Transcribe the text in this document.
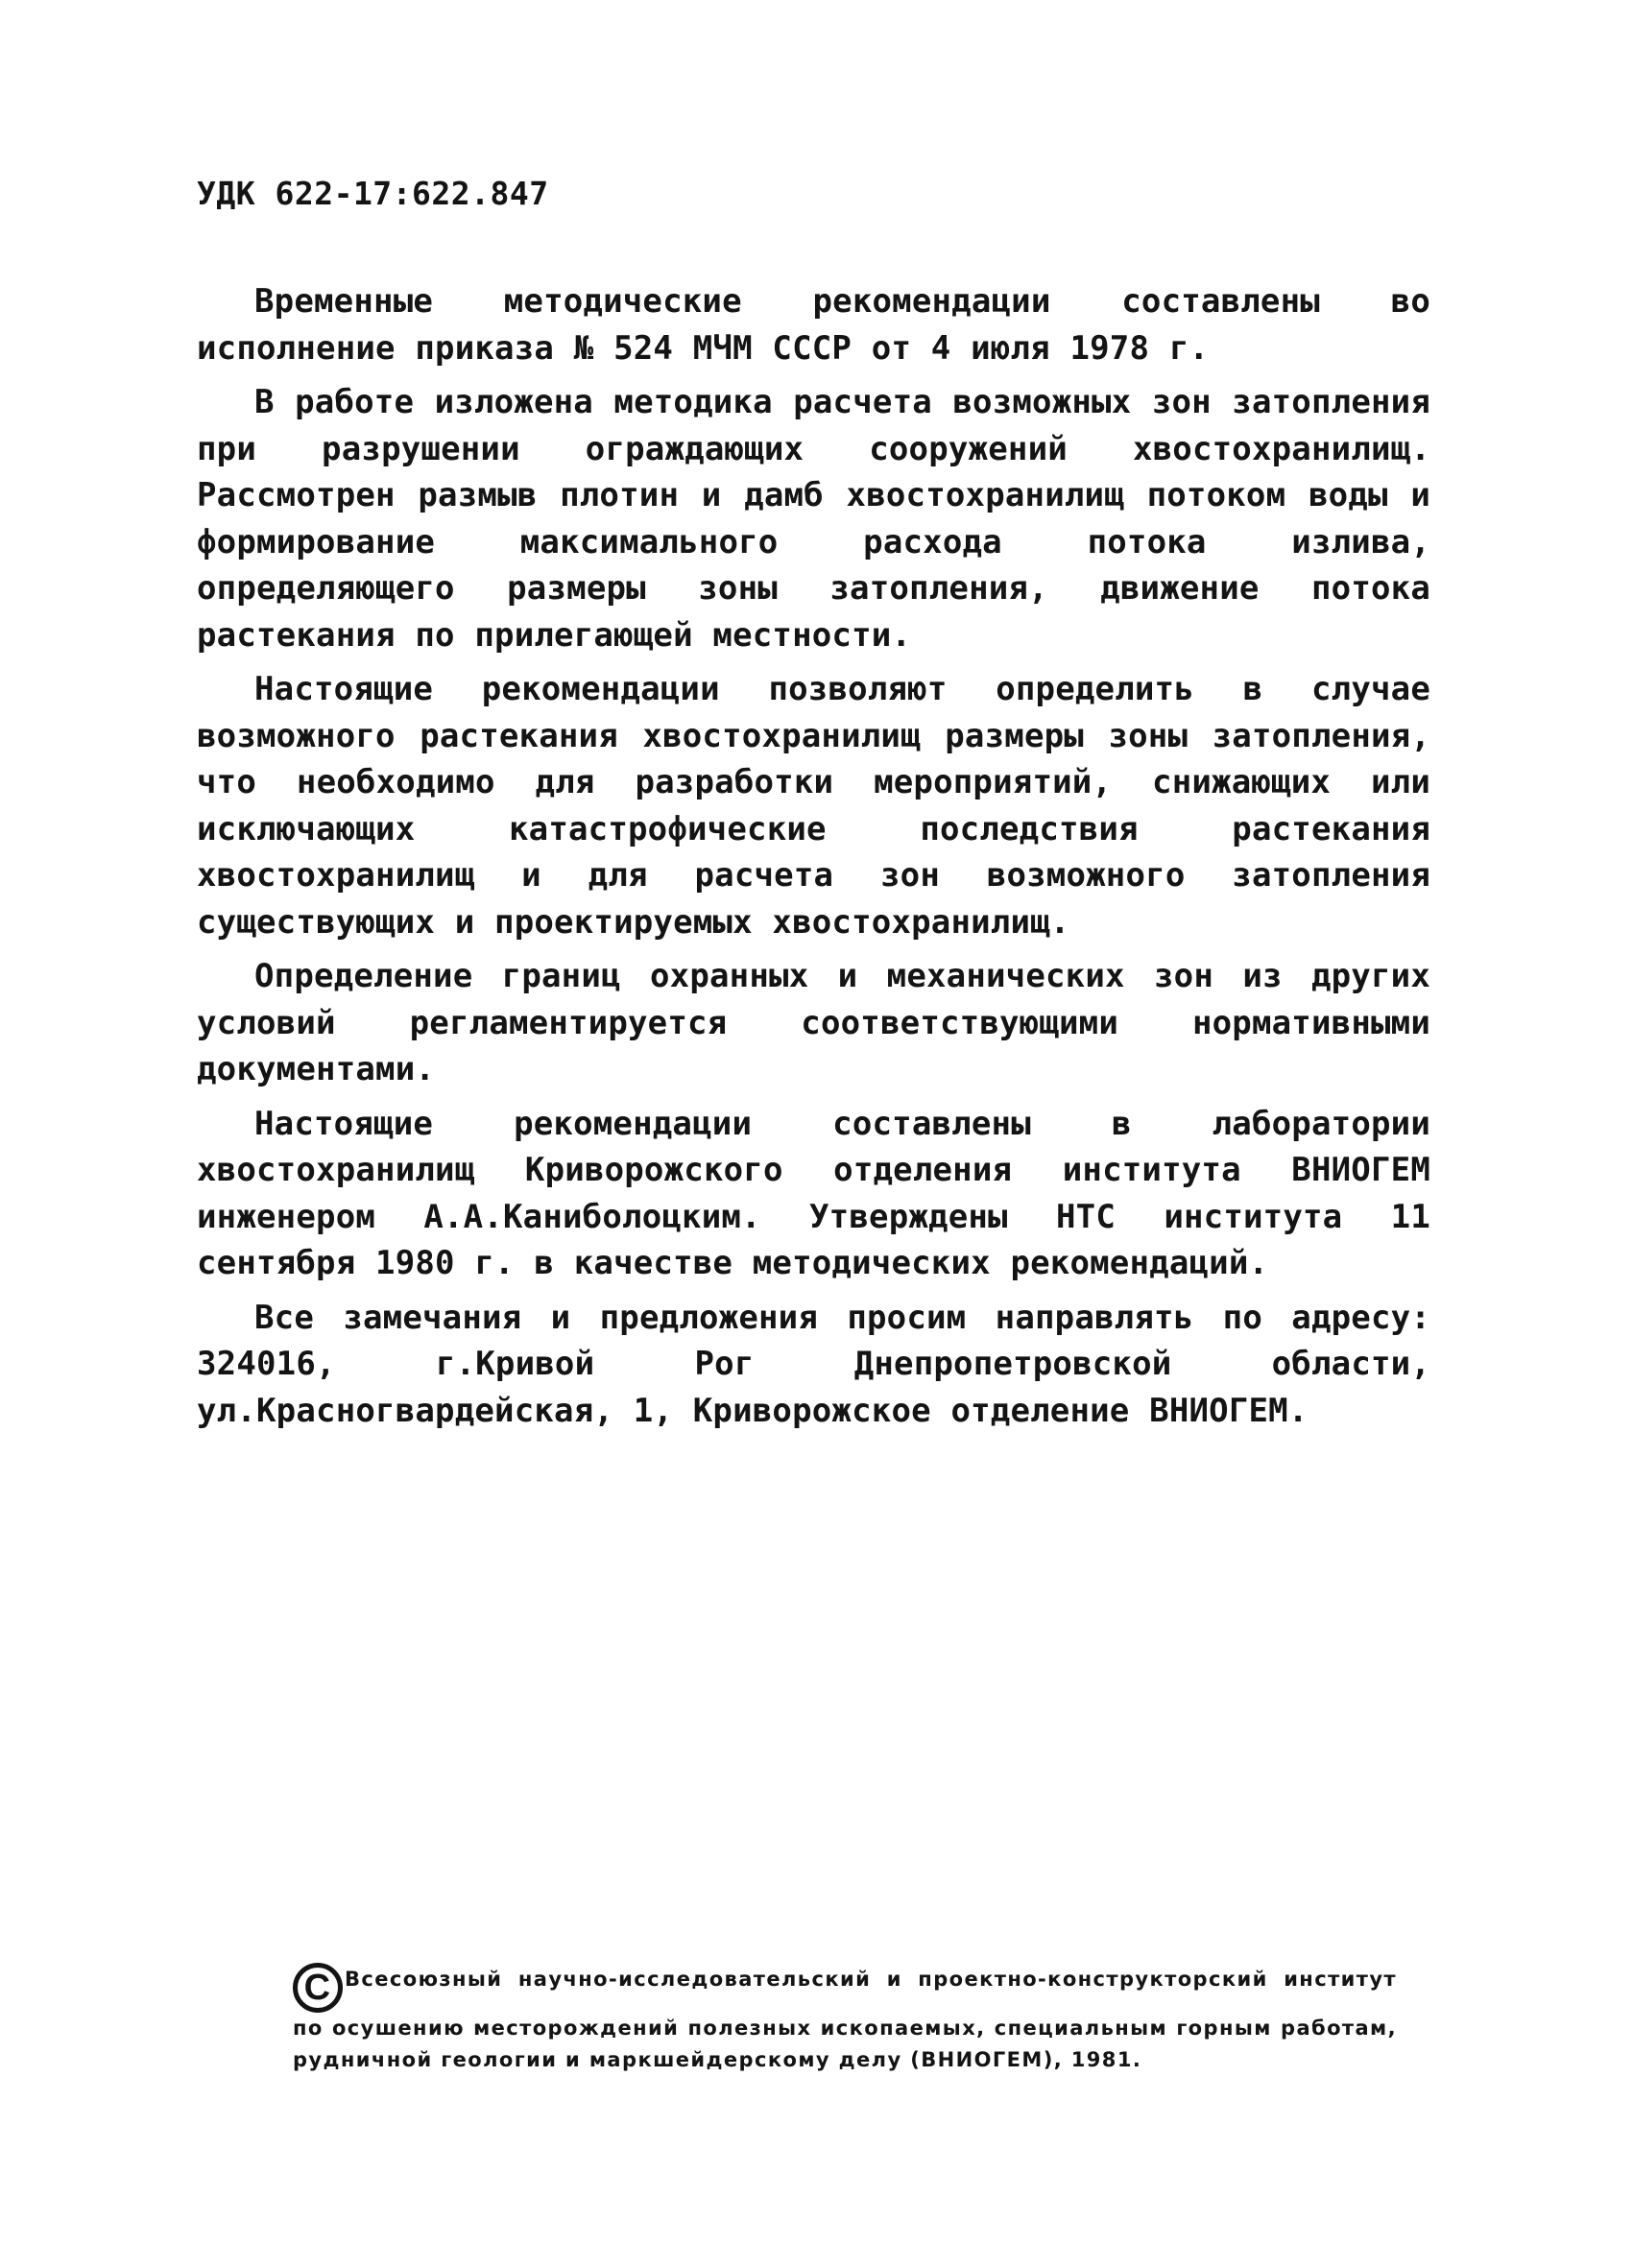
УДК 622-17:622.847

Временные методические рекомендации составлены во исполнение приказа № 524 МЧМ СССР от 4 июля 1978 г.

В работе изложена методика расчета возможных зон затопления при разрушении ограждающих сооружений хвостохранилищ. Рассмотрен размыв плотин и дамб хвостохранилищ потоком воды и формирование максимального расхода потока излива, определяющего размеры зоны затопления, движение потока растекания по прилегающей местности.

Настоящие рекомендации позволяют определить в случае возможного растекания хвостохранилищ размеры зоны затопления, что необходимо для разработки мероприятий, снижающих или исключающих катастрофические последствия растекания хвостохранилищ и для расчета зон возможного затопления существующих и проектируемых хвостохранилищ.

Определение границ охранных и механических зон из других условий регламентируется соответствующими нормативными документами.

Настоящие рекомендации составлены в лаборатории хвостохранилищ Криворожского отделения института ВНИОГЕМ инженером А.А.Каниболоцким. Утверждены НТС института 11 сентября 1980 г. в качестве методических рекомендаций.

Все замечания и предложения просим направлять по адресу: 324016, г.Кривой Рог Днепропетровской области, ул.Красногвардейская, 1, Криворожское отделение ВНИОГЕМ.

C Всесоюзный научно-исследовательский и проектно-конструкторский институт по осушению месторождений полезных ископаемых, специальным горным работам, рудничной геологии и маркшейдерскому делу (ВНИОГЕМ), 1981.
